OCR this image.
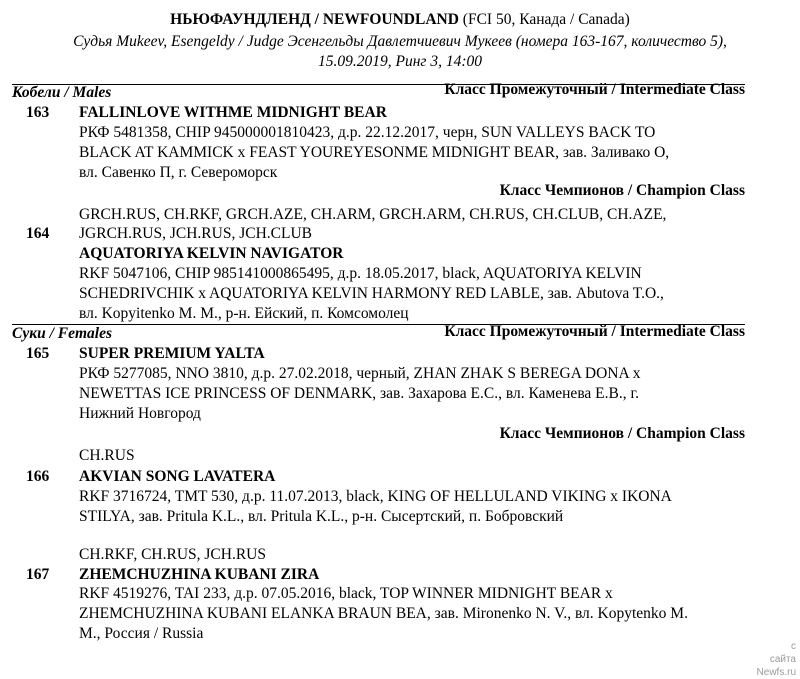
НЬЮФАУНДЛЕНД / NEWFOUNDLAND (FCI 50, Канада / Canada)
Судья Mukeev, Esengeldy / Judge Эсенгельды Давлетчиевич Мукеев (номера 163-167, количество 5),
15.09.2019, Ринг 3, 14:00
Кобели / Males	Класс Промежуточный / Intermediate Class
163 FALLINLOVE WITHME MIDNIGHT BEAR
РКФ 5481358, CHIP 945000001810423, д.р. 22.12.2017, черн, SUN VALLEYS BACK TO
BLACK AT KAMMICK x FEAST YOUREYESONME MIDNIGHT BEAR, зав. Заливако О,
вл. Савенко П, г. Североморск
Класс Чемпионов / Champion Class
GRCH.RUS, CH.RKF, GRCH.AZE, CH.ARM, GRCH.ARM, CH.RUS, CH.CLUB, CH.AZE,
JGRCH.RUS, JCH.RUS, JCH.CLUB
164
AQUATORIYA KELVIN NAVIGATOR
RKF 5047106, CHIP 985141000865495, д.р. 18.05.2017, black, AQUATORIYA KELVIN
SCHEDRIVCHIK x AQUATORIYA KELVIN HARMONY RED LABLE, зав. Abutova T.O.,
вл. Kopyitenko M. M., р-н. Ейский, п. Комсомолец
Суки / Females	Класс Промежуточный / Intermediate Class
165 SUPER PREMIUM YALTA
РКФ 5277085, NNO 3810, д.р. 27.02.2018, черный, ZHAN ZHAK S BEREGA DONA x
NEWETTAS ICE PRINCESS OF DENMARK, зав. Захарова Е.С., вл. Каменева Е.В., г.
Нижний Новгород
Класс Чемпионов / Champion Class
CH.RUS
166 AKVIAN SONG LAVATERA
RKF 3716724, TMT 530, д.р. 11.07.2013, black, KING OF HELLULAND VIKING x IKONA
STILYA, зав. Pritula K.L., вл. Pritula K.L., р-н. Сысертский, п. Бобровский
CH.RKF, CH.RUS, JCH.RUS
167 ZHEMCHUZHINA KUBANI ZIRA
RKF 4519276, TAI 233, д.р. 07.05.2016, black, TOP WINNER MIDNIGHT BEAR x
ZHEMCHUZHINA KUBANI ELANKA BRAUN BEA, зав. Mironenko N. V., вл. Kopytenko M.
M., Россия / Russia
c
сайта
Newfs.ru
